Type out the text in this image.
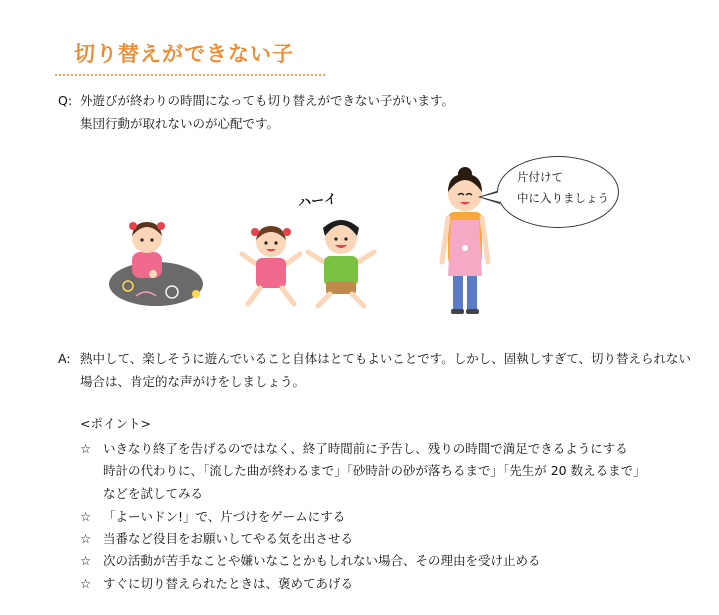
切り替えができない子
Q: 外遊びが終わりの時間になっても切り替えができない子がいます。
集団行動が取れないのが心配です。
ハーイ
片付けて
中に入りましょう
A: 熱中して、楽しそうに遊んでいること自体はとてもよいことです。しかし、固執しすぎて、切り替えられない
場合は、肯定的な声がけをしましょう。
<ポイント>
☆ いきなり終了を告げるのではなく、終了時間前に予告し、残りの時間で満足できるようにする
時計の代わりに、「流した曲が終わるまで」「砂時計の砂が落ちるまで」「先生が 20 数えるまで」
などを試してみる
☆ 「よーいドン!」で、片づけをゲームにする
☆ 当番など役目をお願いしてやる気を出させる
☆ 次の活動が苦手なことや嫌いなことかもしれない場合、その理由を受け止める
☆ すぐに切り替えられたときは、褒めてあげる
